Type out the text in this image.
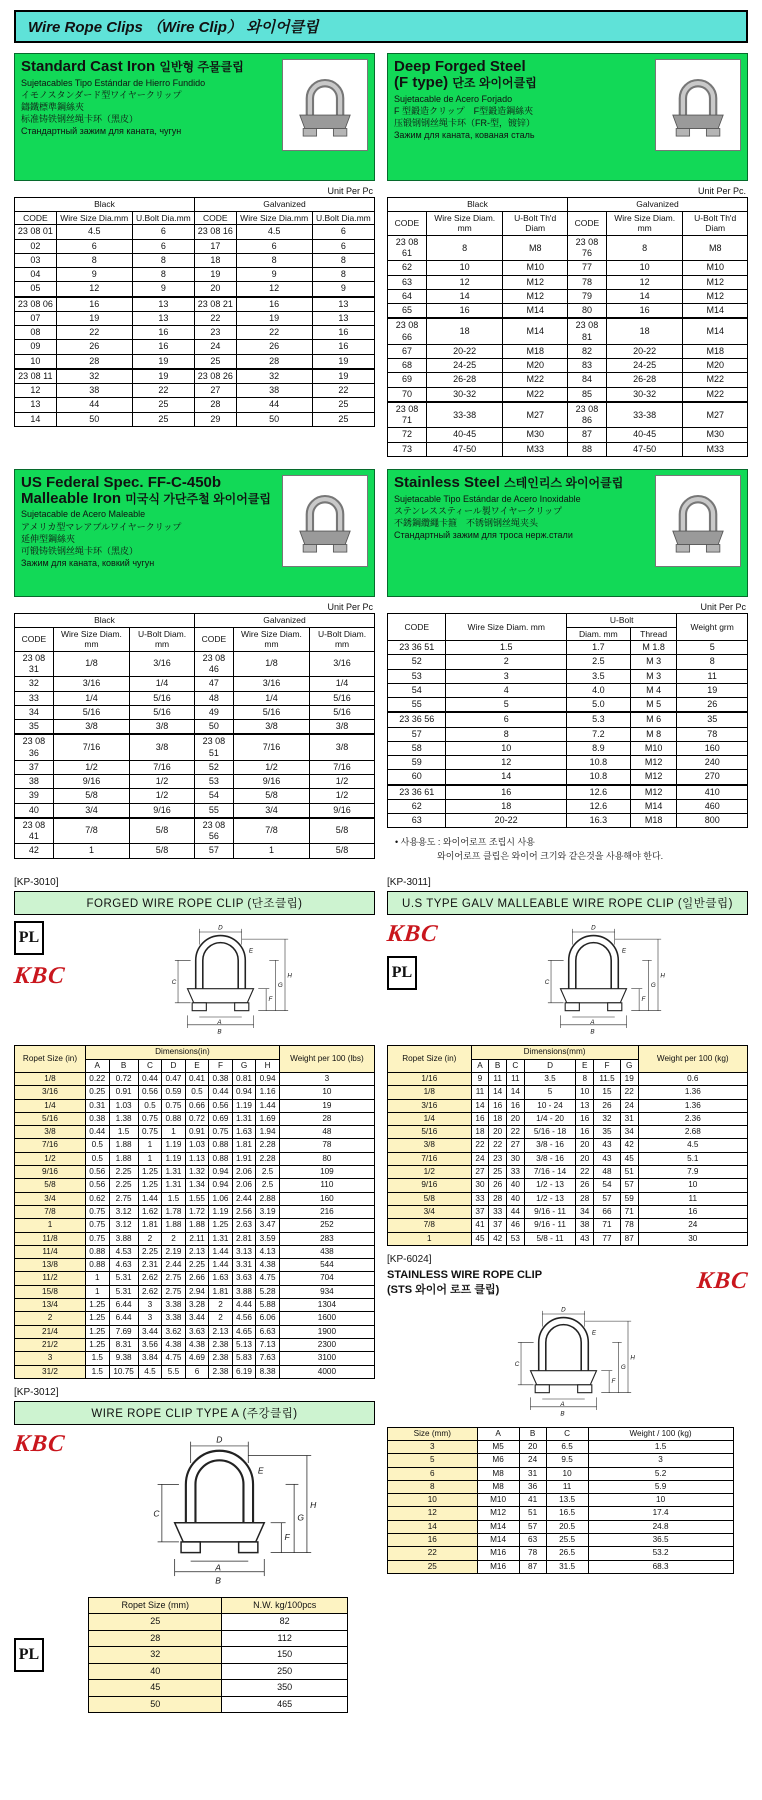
Wire Rope Clips （Wire Clip） 와이어클립
Standard Cast Iron 일반형 주물클립
Sujetacables Tipo Estándar de Hierro Fundido
イモノスタンダード型ワイヤークリップ
鑄鐵標準鋼絲夾
标准铸铁钢丝绳卡环（黑皮）
Стандартный зажим для каната, чугун
Unit Per Pc
Black			Galvanized		
CODE	Wire Size Dia.mm	U.Bolt Dia.mm	CODE	Wire Size Dia.mm	U.Bolt Dia.mm
23 08 01	4.5	6	23 08 16	4.5	6
02	6	6	17	6	6
03	8	8	18	8	8
04	9	8	19	9	8
05	12	9	20	12	9
23 08 06	16	13	23 08 21	16	13
07	19	13	22	19	13
08	22	16	23	22	16
09	26	16	24	26	16
10	28	19	25	28	19
23 08 11	32	19	23 08 26	32	19
12	38	22	27	38	22
13	44	25	28	44	25
14	50	25	29	50	25
Deep Forged Steel
(F type) 단조 와이어클립
Sujetacable de Acero Forjado
F 型鍛造クリップ　F型鍛造鋼絲夾
压锻钢钢丝绳卡环（FR-型，镀锌）
Зажим для каната, кованая сталь
Unit Per Pc.
Black			Galvanized		
CODE	Wire Size Diam. mm	U-Bolt Th'd Diam	CODE	Wire Size Diam. mm	U-Bolt Th'd Diam
23 08 61	8	M8	23 08 76	8	M8
62	10	M10	77	10	M10
63	12	M12	78	12	M12
64	14	M12	79	14	M12
65	16	M14	80	16	M14
23 08 66	18	M14	23 08 81	18	M14
67	20-22	M18	82	20-22	M18
68	24-25	M20	83	24-25	M20
69	26-28	M22	84	26-28	M22
70	30-32	M22	85	30-32	M22
23 08 71	33-38	M27	23 08 86	33-38	M27
72	40-45	M30	87	40-45	M30
73	47-50	M33	88	47-50	M33
US Federal Spec. FF-C-450b
Malleable Iron 미국식 가단주철 와이어클립
Sujetacable de Acero Maleable
アメリカ型マレアブルワイヤークリップ
延伸型鋼絲夾
可锻铸铁钢丝绳卡环（黑皮）
Зажим для каната, ковкий чугун
Unit Per Pc
Black			Galvanized		
CODE	Wire Size Diam. mm	U-Bolt Diam. mm	CODE	Wire Size Diam. mm	U-Bolt Diam. mm
23 08 31	1/8	3/16	23 08 46	1/8	3/16
32	3/16	1/4	47	3/16	1/4
33	1/4	5/16	48	1/4	5/16
34	5/16	5/16	49	5/16	5/16
35	3/8	3/8	50	3/8	3/8
23 08 36	7/16	3/8	23 08 51	7/16	3/8
37	1/2	7/16	52	1/2	7/16
38	9/16	1/2	53	9/16	1/2
39	5/8	1/2	54	5/8	1/2
40	3/4	9/16	55	3/4	9/16
23 08 41	7/8	5/8	23 08 56	7/8	5/8
42	1	5/8	57	1	5/8
Stainless Steel 스테인리스 와이어클립
Sujetacable Tipo Estándar de Acero Inoxidable
ステンレススティール製ワイヤークリップ
不銹鋼纜繩卡箍　不锈钢钢丝绳夹头
Стандартный зажим для троса нерж.стали
Unit Per Pc
CODE	Wire Size Diam. mm	U-Bolt		Weight grm
		Diam. mm	Thread	
23 36 51	1.5	1.7	M 1.8	5
52	2	2.5	M 3	8
53	3	3.5	M 3	11
54	4	4.0	M 4	19
55	5	5.0	M 5	26
23 36 56	6	5.3	M 6	35
57	8	7.2	M 8	78
58	10	8.9	M10	160
59	12	10.8	M12	240
60	14	10.8	M12	270
23 36 61	16	12.6	M12	410
62	18	12.6	M14	460
63	20-22	16.3	M18	800
• 사용용도 : 와이어로프 조립시 사용
와이어로프 클립은 와이어 크기와 같은것을 사용해야 한다.
[KP-3010]
FORGED WIRE ROPE CLIP (단조클립)
PL
KBC
D
A
B
C
F
G
H
E
Ropet Size (in)	Dimensions(in)								Weight per 100 (lbs)
	A	B	C	D	E	F	G	H	
1/8	0.22	0.72	0.44	0.47	0.41	0.38	0.81	0.94	3
3/16	0.25	0.91	0.56	0.59	0.5	0.44	0.94	1.16	10
1/4	0.31	1.03	0.5	0.75	0.66	0.56	1.19	1.44	19
5/16	0.38	1.38	0.75	0.88	0.72	0.69	1.31	1.69	28
3/8	0.44	1.5	0.75	1	0.91	0.75	1.63	1.94	48
7/16	0.5	1.88	1	1.19	1.03	0.88	1.81	2.28	78
1/2	0.5	1.88	1	1.19	1.13	0.88	1.91	2.28	80
9/16	0.56	2.25	1.25	1.31	1.32	0.94	2.06	2.5	109
5/8	0.56	2.25	1.25	1.31	1.34	0.94	2.06	2.5	110
3/4	0.62	2.75	1.44	1.5	1.55	1.06	2.44	2.88	160
7/8	0.75	3.12	1.62	1.78	1.72	1.19	2.56	3.19	216
1	0.75	3.12	1.81	1.88	1.88	1.25	2.63	3.47	252
11/8	0.75	3.88	2	2	2.11	1.31	2.81	3.59	283
11/4	0.88	4.53	2.25	2.19	2.13	1.44	3.13	4.13	438
13/8	0.88	4.63	2.31	2.44	2.25	1.44	3.31	4.38	544
11/2	1	5.31	2.62	2.75	2.66	1.63	3.63	4.75	704
15/8	1	5.31	2.62	2.75	2.94	1.81	3.88	5.28	934
13/4	1.25	6.44	3	3.38	3.28	2	4.44	5.88	1304
2	1.25	6.44	3	3.38	3.44	2	4.56	6.06	1600
21/4	1.25	7.69	3.44	3.62	3.63	2.13	4.65	6.63	1900
21/2	1.25	8.31	3.56	4.38	4.38	2.38	5.13	7.13	2300
3	1.5	9.38	3.84	4.75	4.69	2.38	5.83	7.63	3100
31/2	1.5	10.75	4.5	5.5	6	2.38	6.19	8.38	4000
[KP-3012]
WIRE ROPE CLIP TYPE A (주강클립)
KBC	D
A
B
C
F
G
H
E
PL
Ropet Size (mm)	N.W. kg/100pcs
25	82
28	112
32	150
40	250
45	350
50	465
[KP-3011]
U.S TYPE GALV MALLEABLE WIRE ROPE CLIP (일반클립)
KBC
PL
D
A
B
C
F
G
H
E
Ropet Size (in)	Dimensions(mm)							Weight per 100 (kg)
	A	B	C	D	E	F	G	
1/16	9	11	11	3.5	8	11.5	19	0.6
1/8	11	14	14	5	10	15	22	1.36
3/16	14	16	16	10 - 24	13	26	24	1.36
1/4	16	18	20	1/4 - 20	16	32	31	2.36
5/16	18	20	22	5/16 - 18	16	35	34	2.68
3/8	22	22	27	3/8 - 16	20	43	42	4.5
7/16	24	23	30	3/8 - 16	20	43	45	5.1
1/2	27	25	33	7/16 - 14	22	48	51	7.9
9/16	30	26	40	1/2 - 13	26	54	57	10
5/8	33	28	40	1/2 - 13	28	57	59	11
3/4	37	33	44	9/16 - 11	34	66	71	16
7/8	41	37	46	9/16 - 11	38	71	78	24
1	45	42	53	5/8 - 11	43	77	87	30
[KP-6024]
STAINLESS WIRE ROPE CLIP
(STS 와이어 로프 클립)	KBC
D
A
B
C
F
G
H
E
Size (mm)	A	B	C	Weight / 100 (kg)
3	M5	20	6.5	1.5
5	M6	24	9.5	3
6	M8	31	10	5.2
8	M8	36	11	5.9
10	M10	41	13.5	10
12	M12	51	16.5	17.4
14	M14	57	20.5	24.8
16	M14	63	25.5	36.5
22	M16	78	26.5	53.2
25	M16	87	31.5	68.3
